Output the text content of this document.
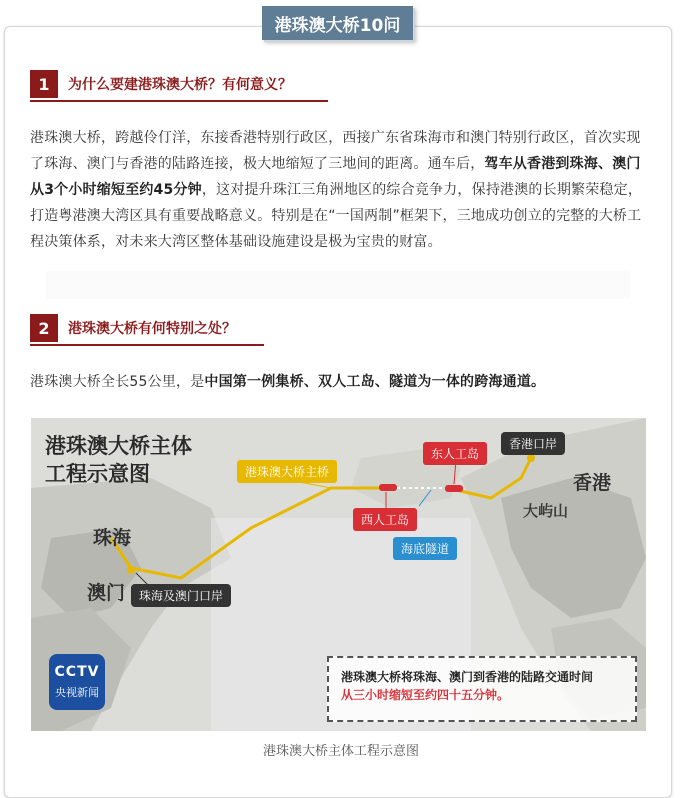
港珠澳大桥10问
1	为什么要建港珠澳大桥？有何意义？
港珠澳大桥，跨越伶仃洋，东接香港特别行政区，西接广东省珠海市和澳门特别行政区，首次实现了珠海、澳门与香港的陆路连接，极大地缩短了三地间的距离。通车后，驾车从香港到珠海、澳门从3个小时缩短至约45分钟，这对提升珠江三角洲地区的综合竞争力，保持港澳的长期繁荣稳定，打造粤港澳大湾区具有重要战略意义。特别是在“一国两制”框架下，三地成功创立的完整的大桥工程决策体系，对未来大湾区整体基础设施建设是极为宝贵的财富。
2	港珠澳大桥有何特别之处？
港珠澳大桥全长55公里，是中国第一例集桥、双人工岛、隧道为一体的跨海通道。
港珠澳大桥主体
工程示意图	港珠澳大桥主桥
东人工岛
西人工岛
海底隧道
香港口岸
珠海及澳门口岸
珠海
澳门
香港
大屿山
CCTV
央视新闻
港珠澳大桥将珠海、澳门到香港的陆路交通时间
从三小时缩短至约四十五分钟。
港珠澳大桥主体工程示意图
